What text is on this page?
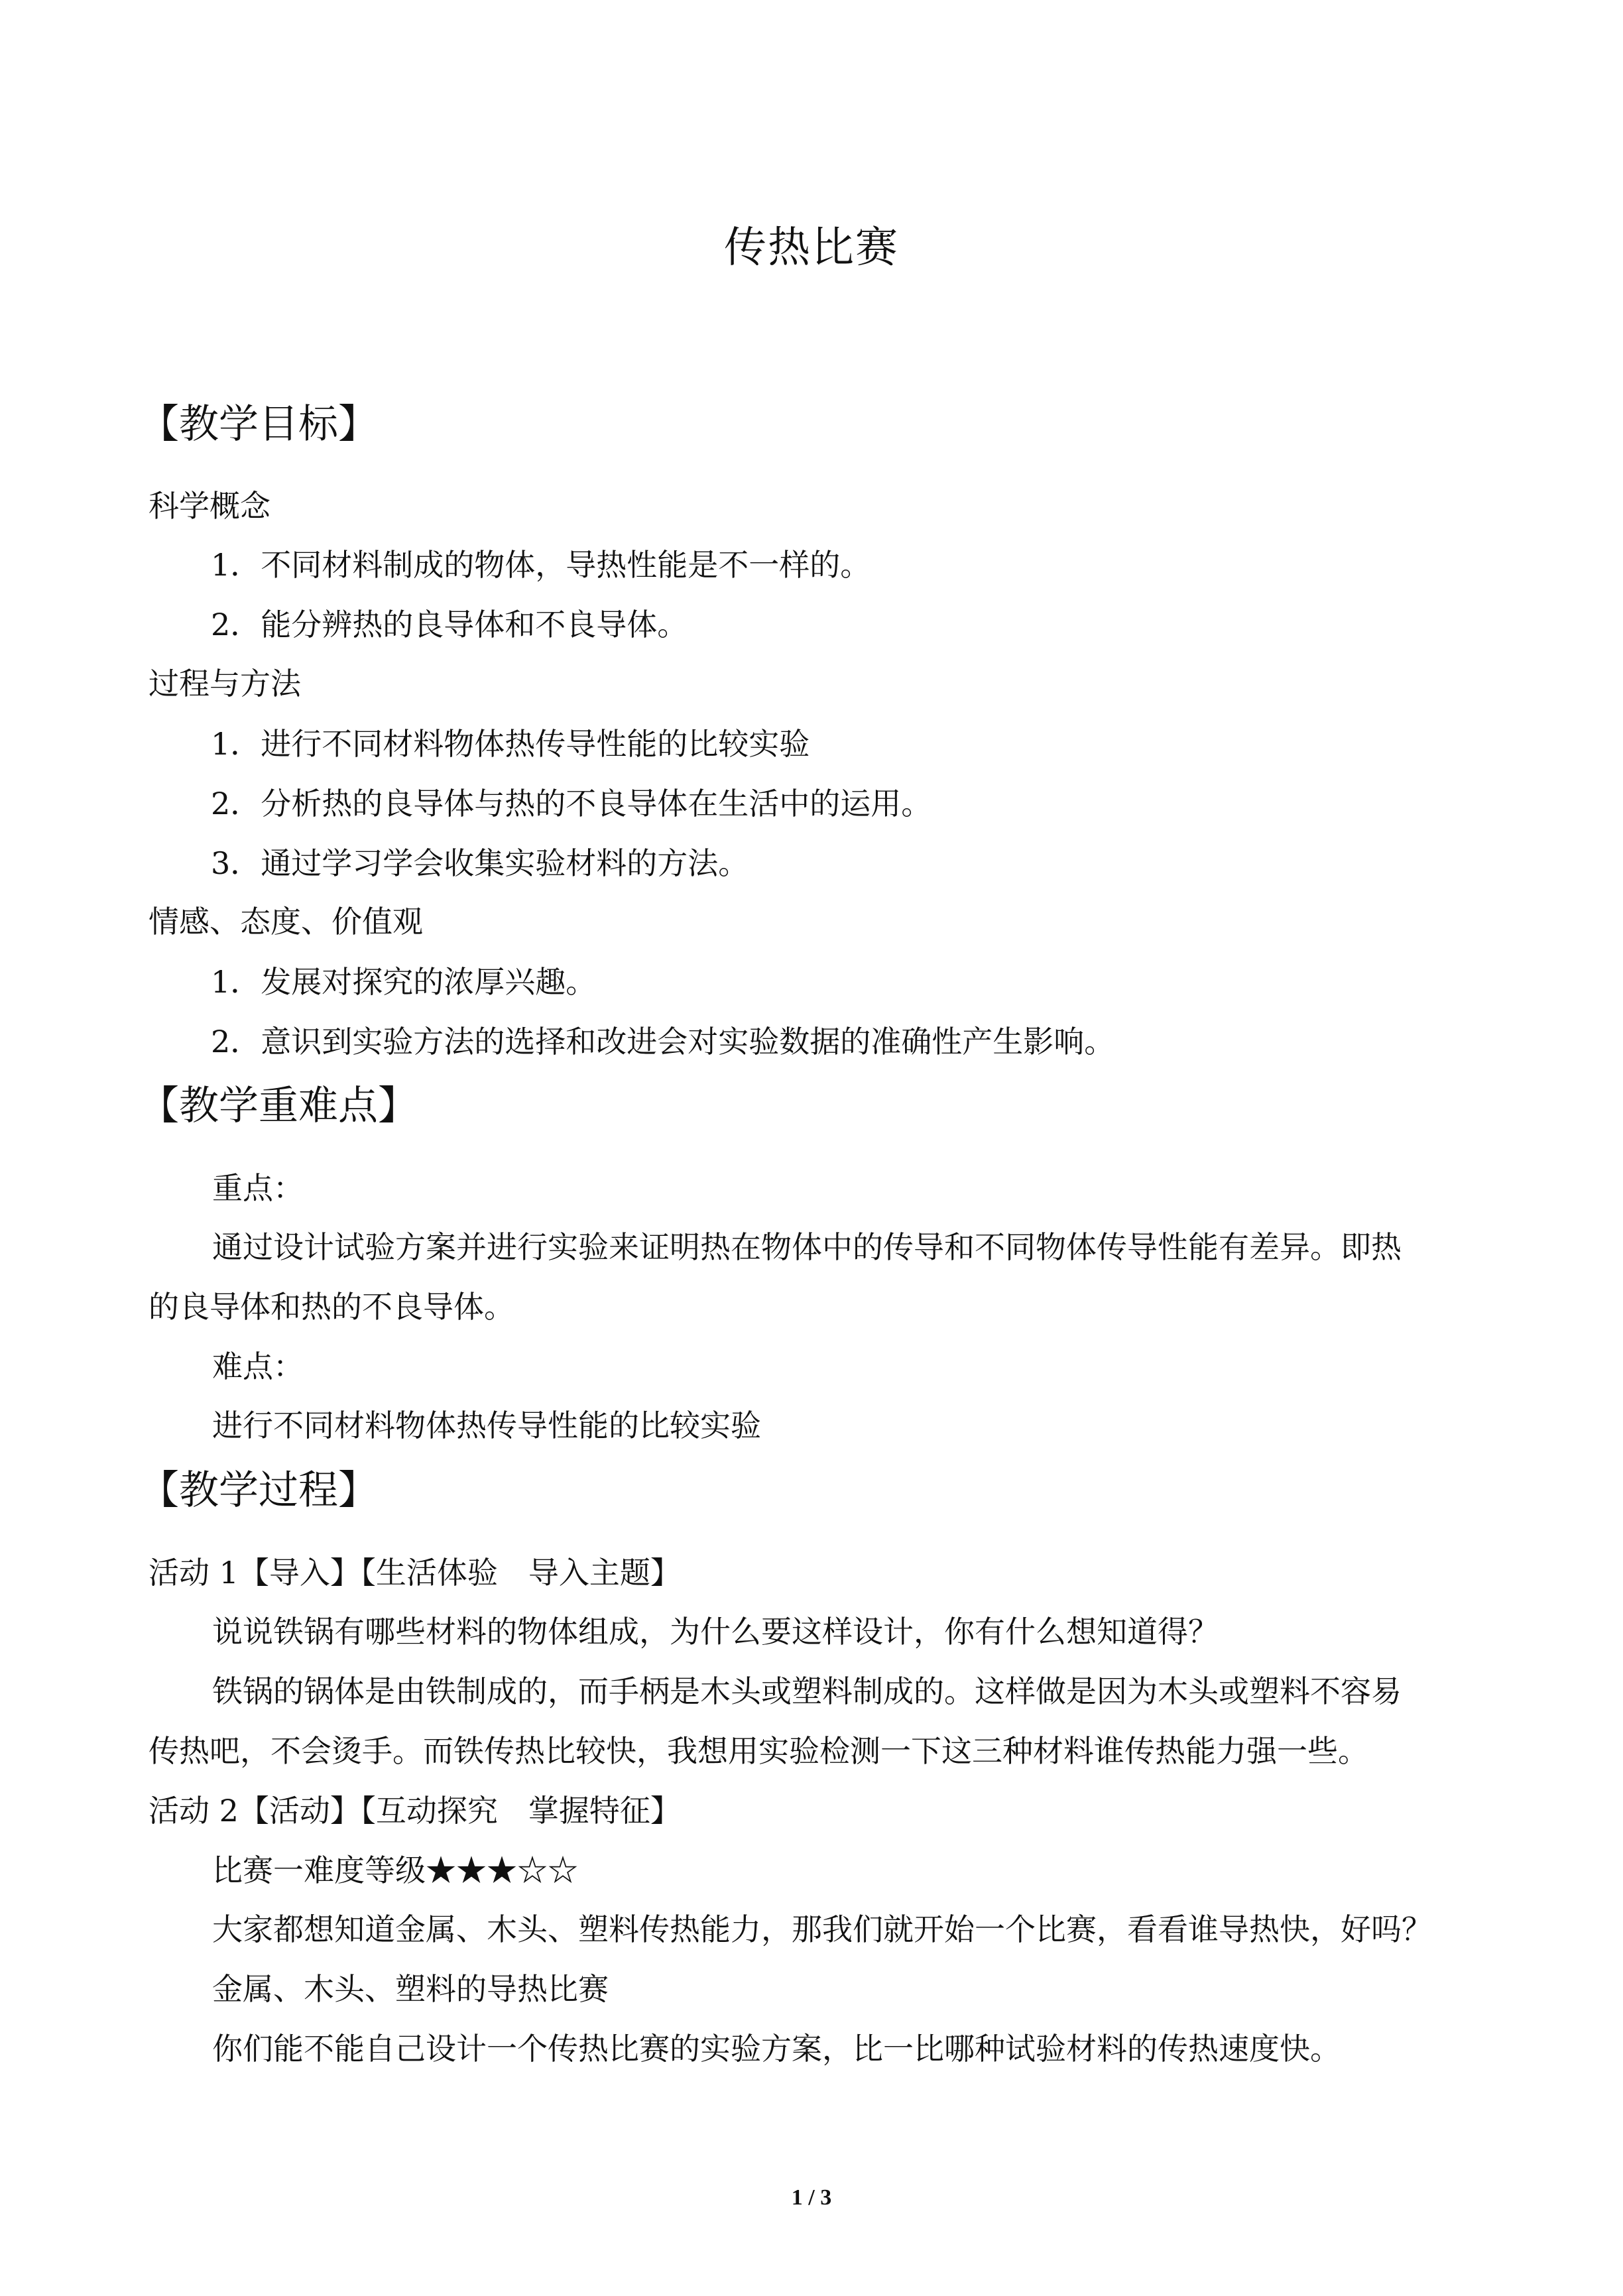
传热比赛
【教学目标】
科学概念
1．不同材料制成的物体，导热性能是不一样的。
2．能分辨热的良导体和不良导体。
过程与方法
1．进行不同材料物体热传导性能的比较实验
2．分析热的良导体与热的不良导体在生活中的运用。
3．通过学习学会收集实验材料的方法。
情感、态度、价值观
1．发展对探究的浓厚兴趣。
2．意识到实验方法的选择和改进会对实验数据的准确性产生影响。
【教学重难点】
重点：
通过设计试验方案并进行实验来证明热在物体中的传导和不同物体传导性能有差异。即热
的良导体和热的不良导体。
难点：
进行不同材料物体热传导性能的比较实验
【教学过程】
活动 1【导入】【生活体验　导入主题】
说说铁锅有哪些材料的物体组成，为什么要这样设计，你有什么想知道得？
铁锅的锅体是由铁制成的，而手柄是木头或塑料制成的。这样做是因为木头或塑料不容易
传热吧，不会烫手。而铁传热比较快，我想用实验检测一下这三种材料谁传热能力强一些。
活动 2【活动】【互动探究　掌握特征】
比赛一难度等级★★★☆☆
大家都想知道金属、木头、塑料传热能力，那我们就开始一个比赛，看看谁导热快，好吗？
金属、木头、塑料的导热比赛
你们能不能自己设计一个传热比赛的实验方案，比一比哪种试验材料的传热速度快。
1 / 3
